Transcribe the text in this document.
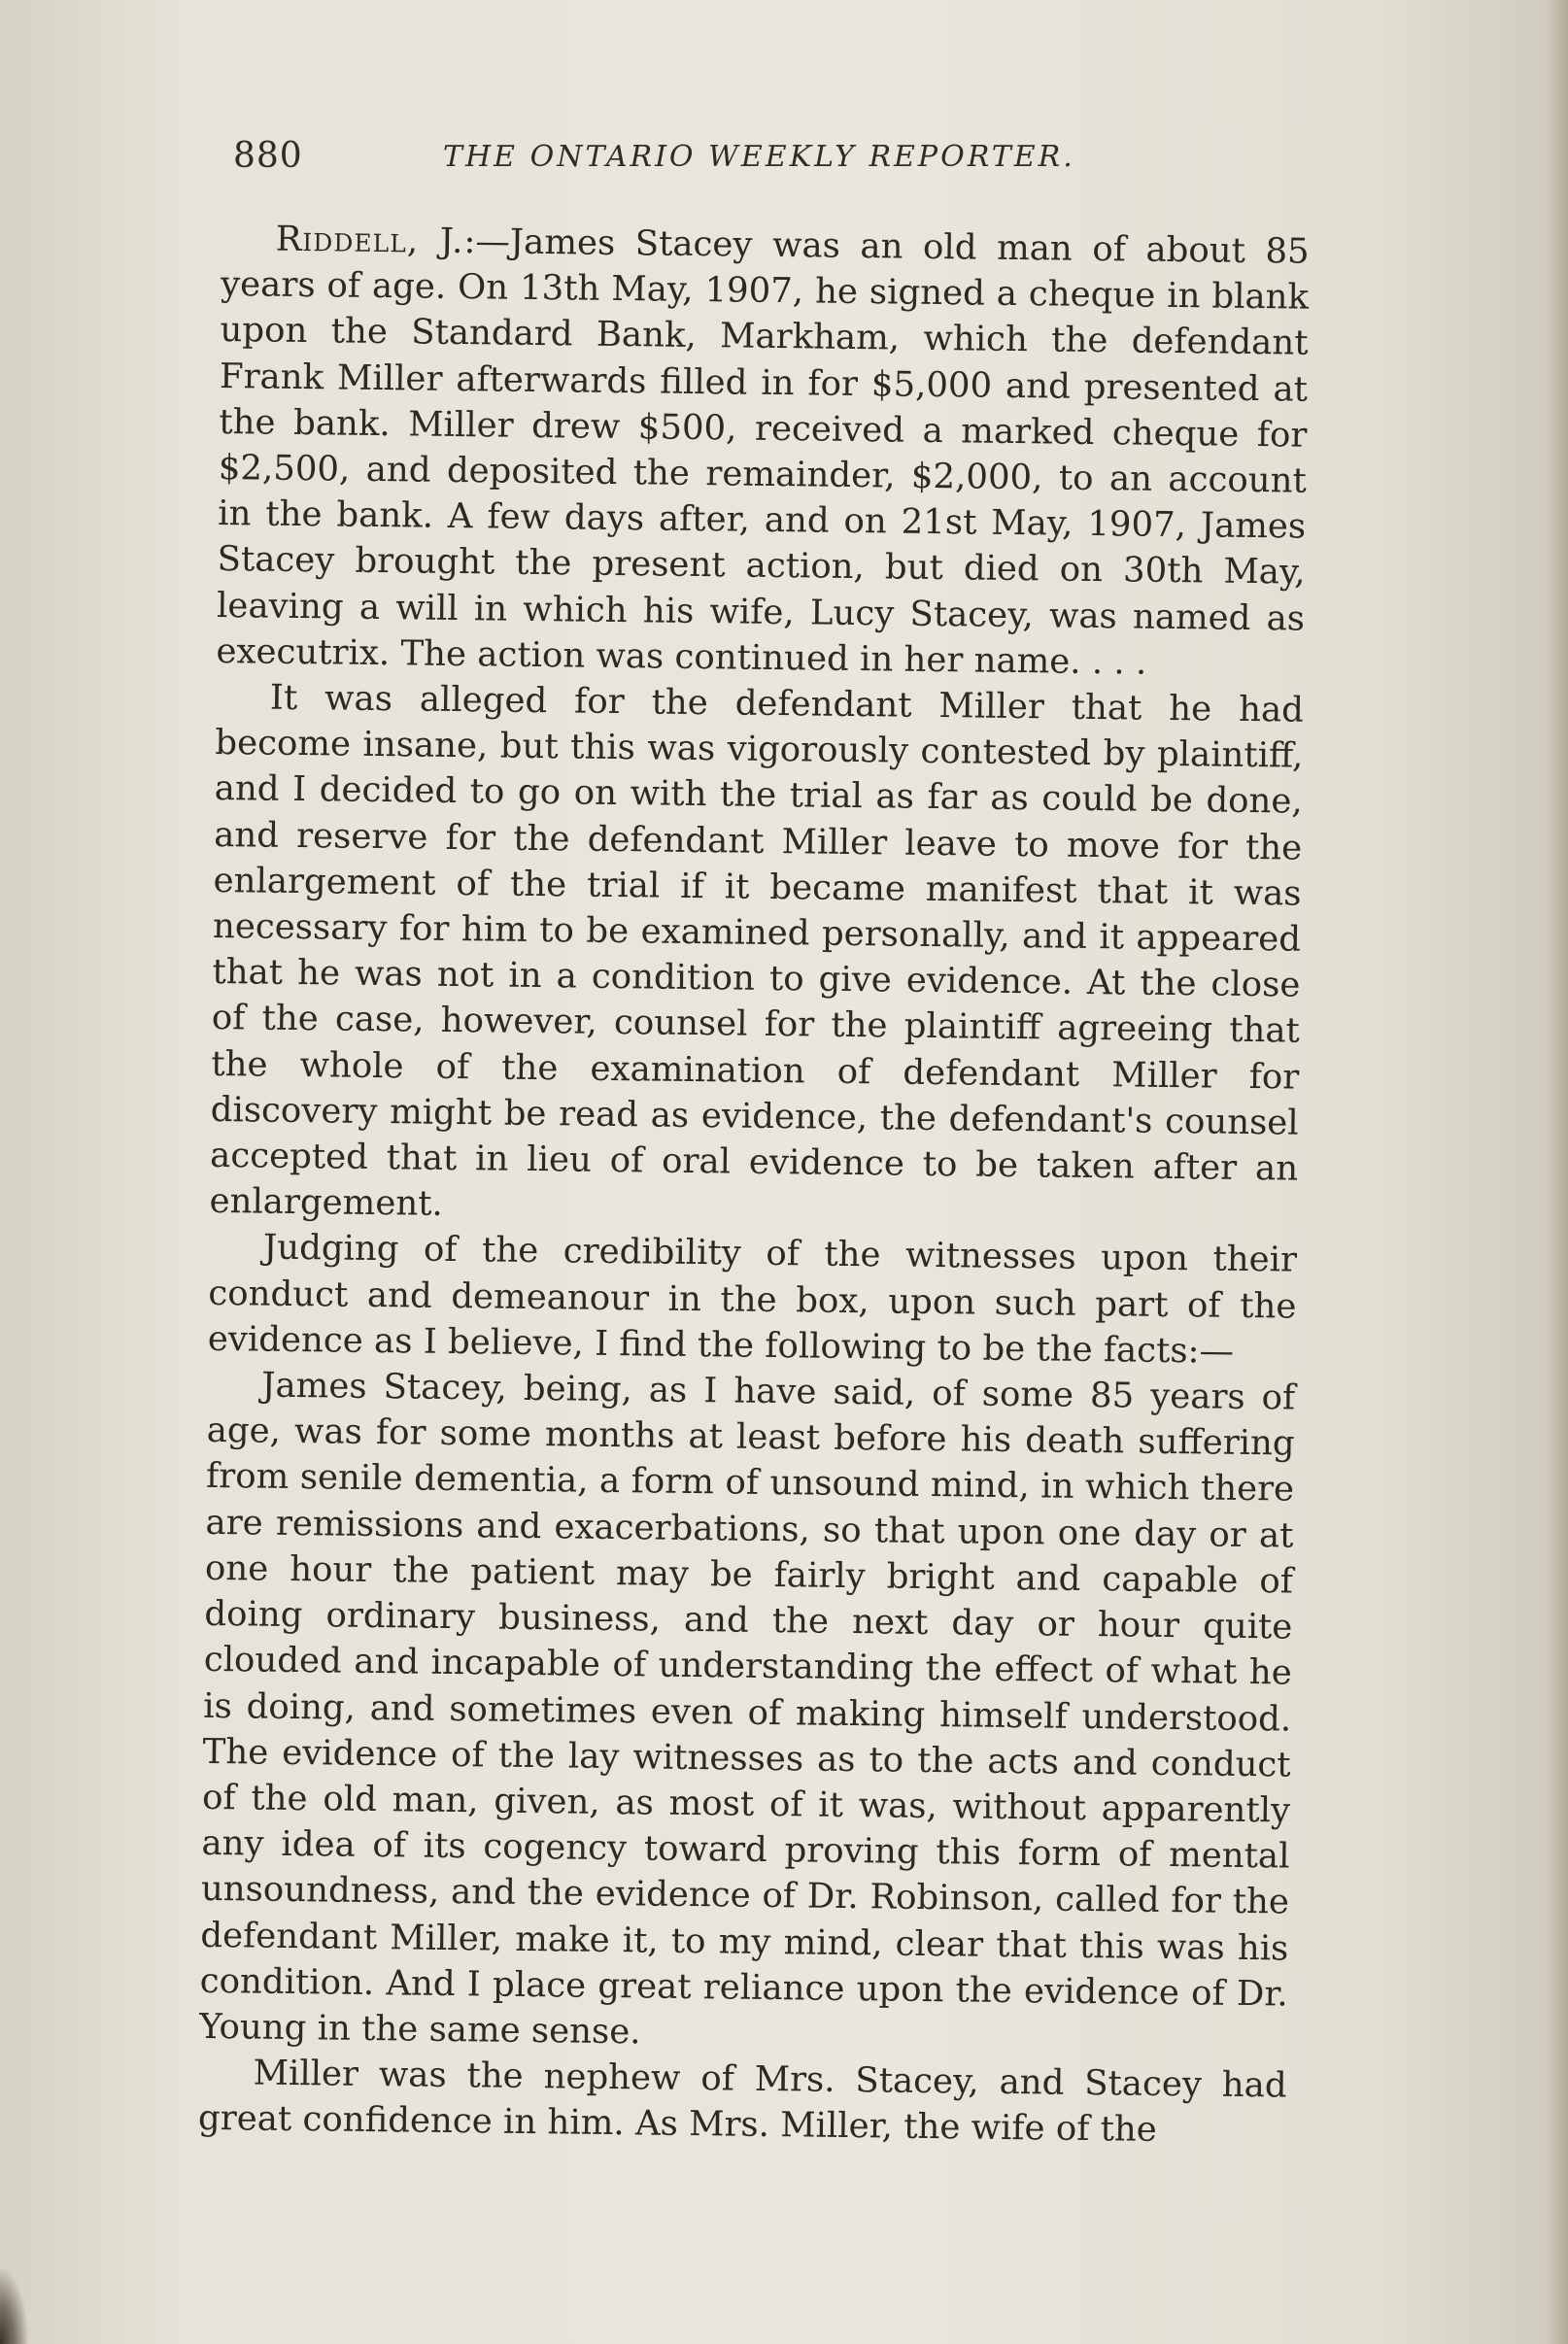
880	THE ONTARIO WEEKLY REPORTER.

Riddell, J.:—James Stacey was an old man of about 85 years of age. On 13th May, 1907, he signed a cheque in blank upon the Standard Bank, Markham, which the defendant Frank Miller afterwards filled in for $5,000 and presented at the bank. Miller drew $500, received a marked cheque for $2,500, and deposited the remainder, $2,000, to an account in the bank. A few days after, and on 21st May, 1907, James Stacey brought the present action, but died on 30th May, leaving a will in which his wife, Lucy Stacey, was named as executrix. The action was continued in her name. . . .

It was alleged for the defendant Miller that he had become insane, but this was vigorously contested by plaintiff, and I decided to go on with the trial as far as could be done, and reserve for the defendant Miller leave to move for the enlargement of the trial if it became manifest that it was necessary for him to be examined personally, and it appeared that he was not in a condition to give evidence. At the close of the case, however, counsel for the plaintiff agreeing that the whole of the examination of defendant Miller for discovery might be read as evidence, the defendant's counsel accepted that in lieu of oral evidence to be taken after an enlargement.

Judging of the credibility of the witnesses upon their conduct and demeanour in the box, upon such part of the evidence as I believe, I find the following to be the facts:—

James Stacey, being, as I have said, of some 85 years of age, was for some months at least before his death suffering from senile dementia, a form of unsound mind, in which there are remissions and exacerbations, so that upon one day or at one hour the patient may be fairly bright and capable of doing ordinary business, and the next day or hour quite clouded and incapable of understanding the effect of what he is doing, and sometimes even of making himself understood. The evidence of the lay witnesses as to the acts and conduct of the old man, given, as most of it was, without apparently any idea of its cogency toward proving this form of mental unsoundness, and the evidence of Dr. Robinson, called for the defendant Miller, make it, to my mind, clear that this was his condition. And I place great reliance upon the evidence of Dr. Young in the same sense.

Miller was the nephew of Mrs. Stacey, and Stacey had great confidence in him. As Mrs. Miller, the wife of the
